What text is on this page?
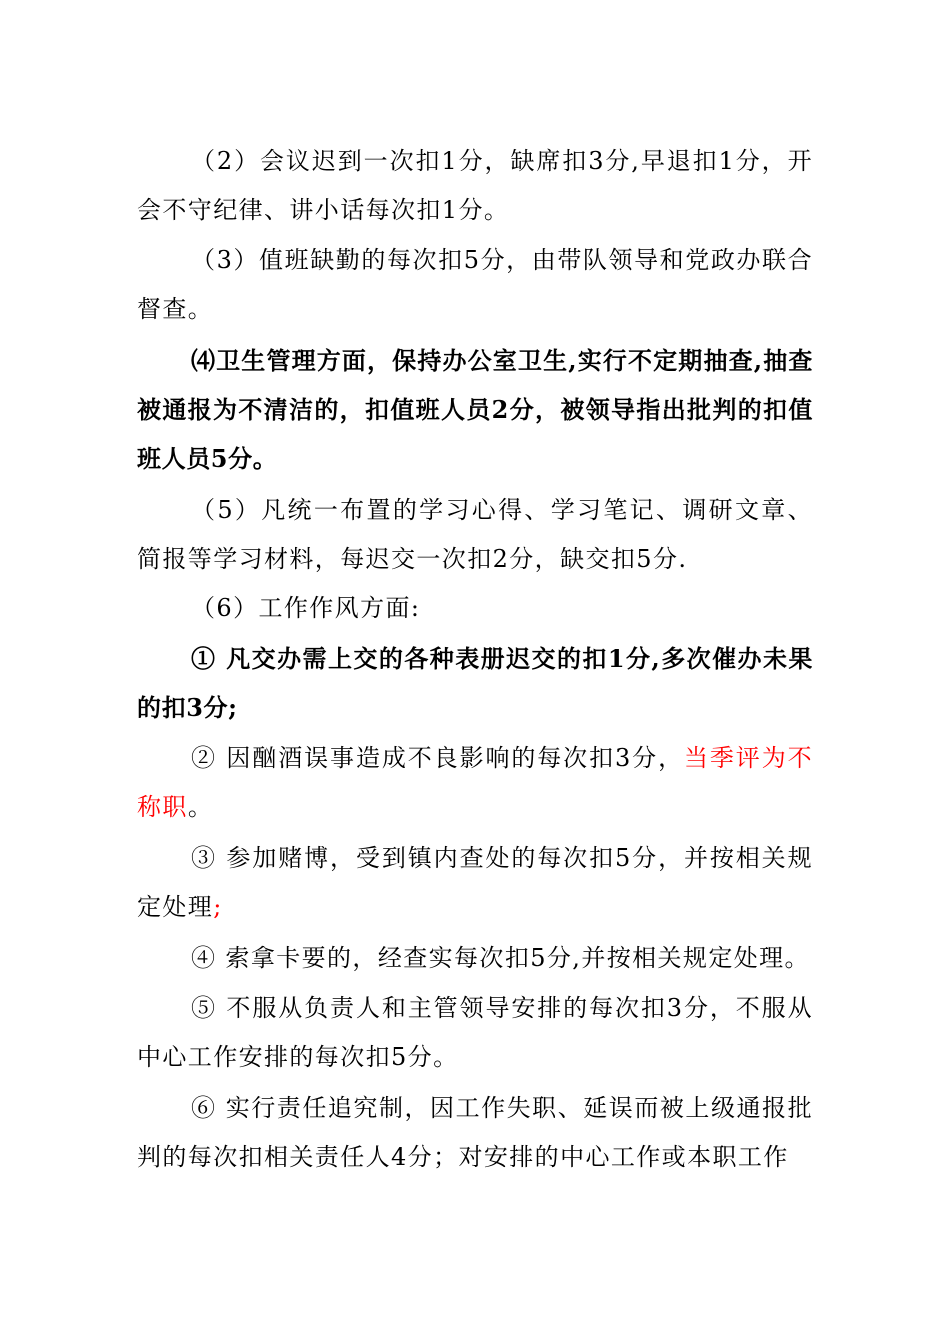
（2）会议迟到一次扣1分，缺席扣3分,早退扣1分，开会不守纪律、讲小话每次扣1分。

（3）值班缺勤的每次扣5分，由带队领导和党政办联合督查。

⑷卫生管理方面，保持办公室卫生,实行不定期抽查,抽查被通报为不清洁的，扣值班人员2分，被领导指出批判的扣值班人员5分。

（5）凡统一布置的学习心得、学习笔记、调研文章、简报等学习材料，每迟交一次扣2分，缺交扣5分.

（6）工作作风方面:

① 凡交办需上交的各种表册迟交的扣1分,多次催办未果的扣3分;

② 因酗酒误事造成不良影响的每次扣3分，当季评为不称职。

③ 参加赌博，受到镇内查处的每次扣5分，并按相关规定处理;

④ 索拿卡要的，经查实每次扣5分,并按相关规定处理。

⑤ 不服从负责人和主管领导安排的每次扣3分，不服从中心工作安排的每次扣5分。

⑥ 实行责任追究制，因工作失职、延误而被上级通报批判的每次扣相关责任人4分；对安排的中心工作或本职工作
